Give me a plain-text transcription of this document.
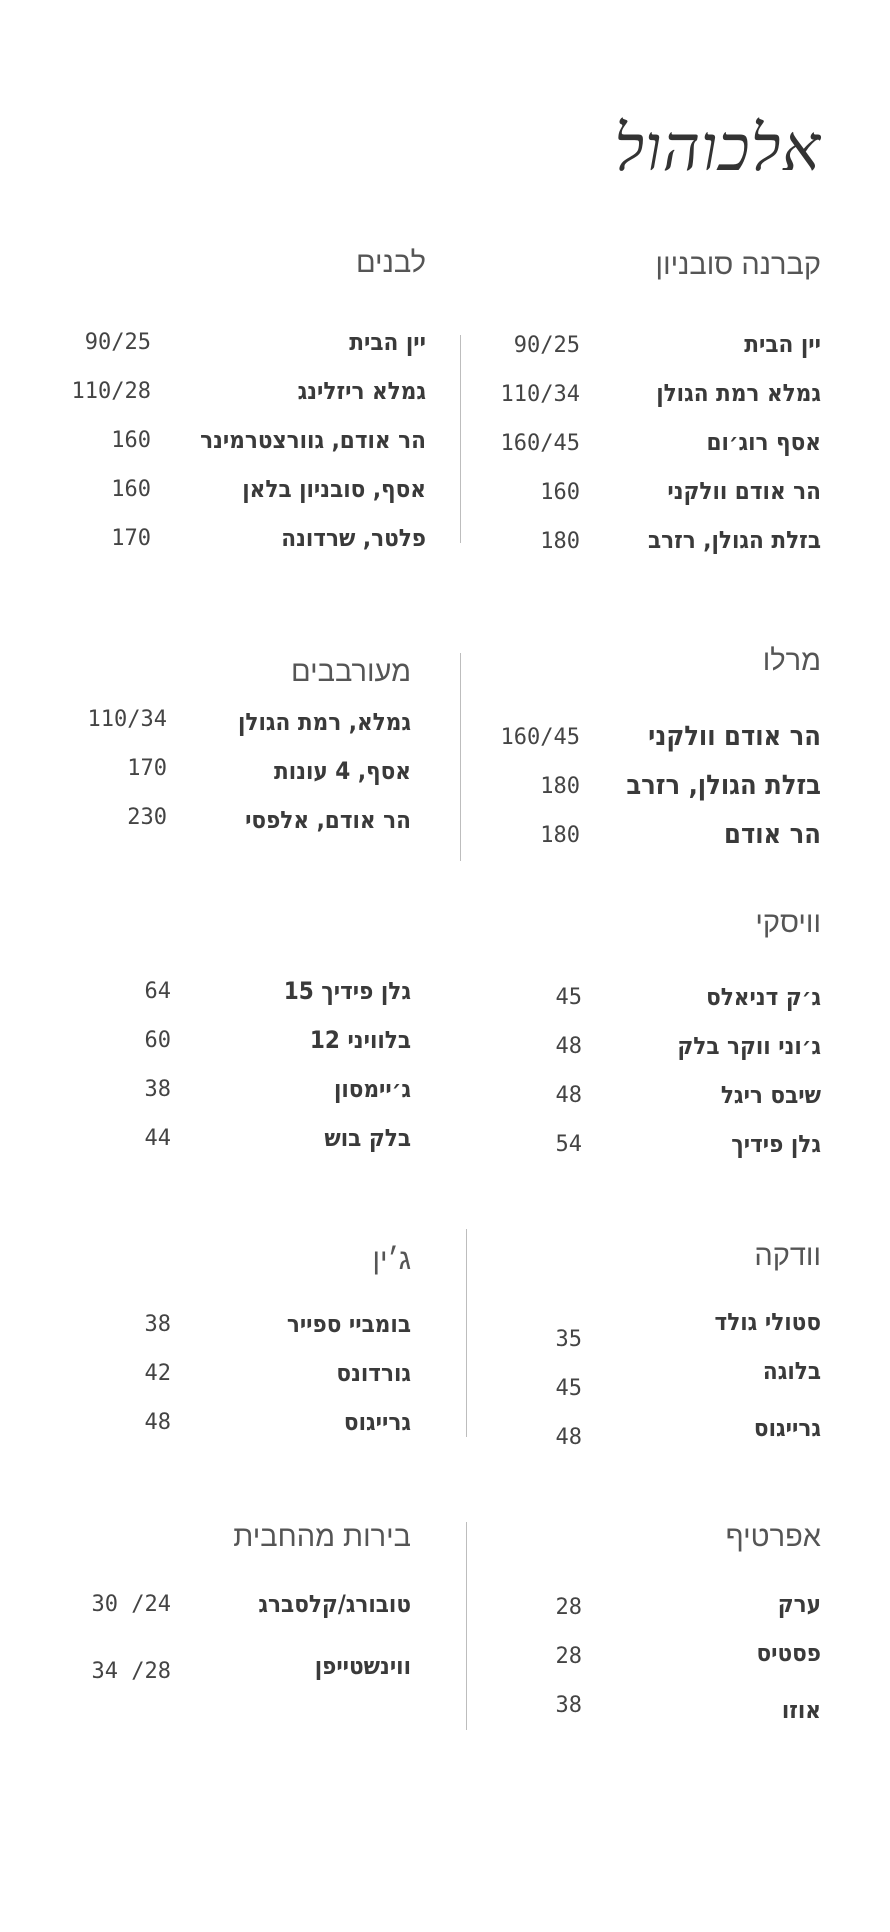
אלכוהול
קברנה סובניון
יין הבית
גמלא רמת הגולן
אסף רוג׳ום
הר אודם וולקני
בזלת הגולן, רזרב
90/25
110/34
160/45
160
180
לבנים
יין הבית
גמלא ריזלינג
הר אודם, גוורצטרמינר
אסף, סובניון בלאן
פלטר, שרדונה
90/25
110/28
160
160
170
מרלו
הר אודם וולקני
בזלת הגולן, רזרב
הר אודם
160/45
180
180
מעורבבים
גמלא, רמת הגולן
אסף, 4 עונות
הר אודם, אלפסי
110/34
170
230
וויסקי
ג׳ק דניאלס
ג׳וני ווקר בלק
שיבס ריגל
גלן פידיך
45
48
48
54
גלן פידיך 15
בלוויני 12
ג׳יימסון
בלק בוש
64
60
38
44
וודקה
סטולי גולד
בלוגה
גרייגוס
35
45
48
ג׳ין
בומביי ספייר
גורדונס
גרייגוס
38
42
48
אפרטיף
ערק
פסטיס
אוזו
28
28
38
בירות מהחבית
טובורג/קלסברג
ווינשטייפן
30 /24
34 /28
